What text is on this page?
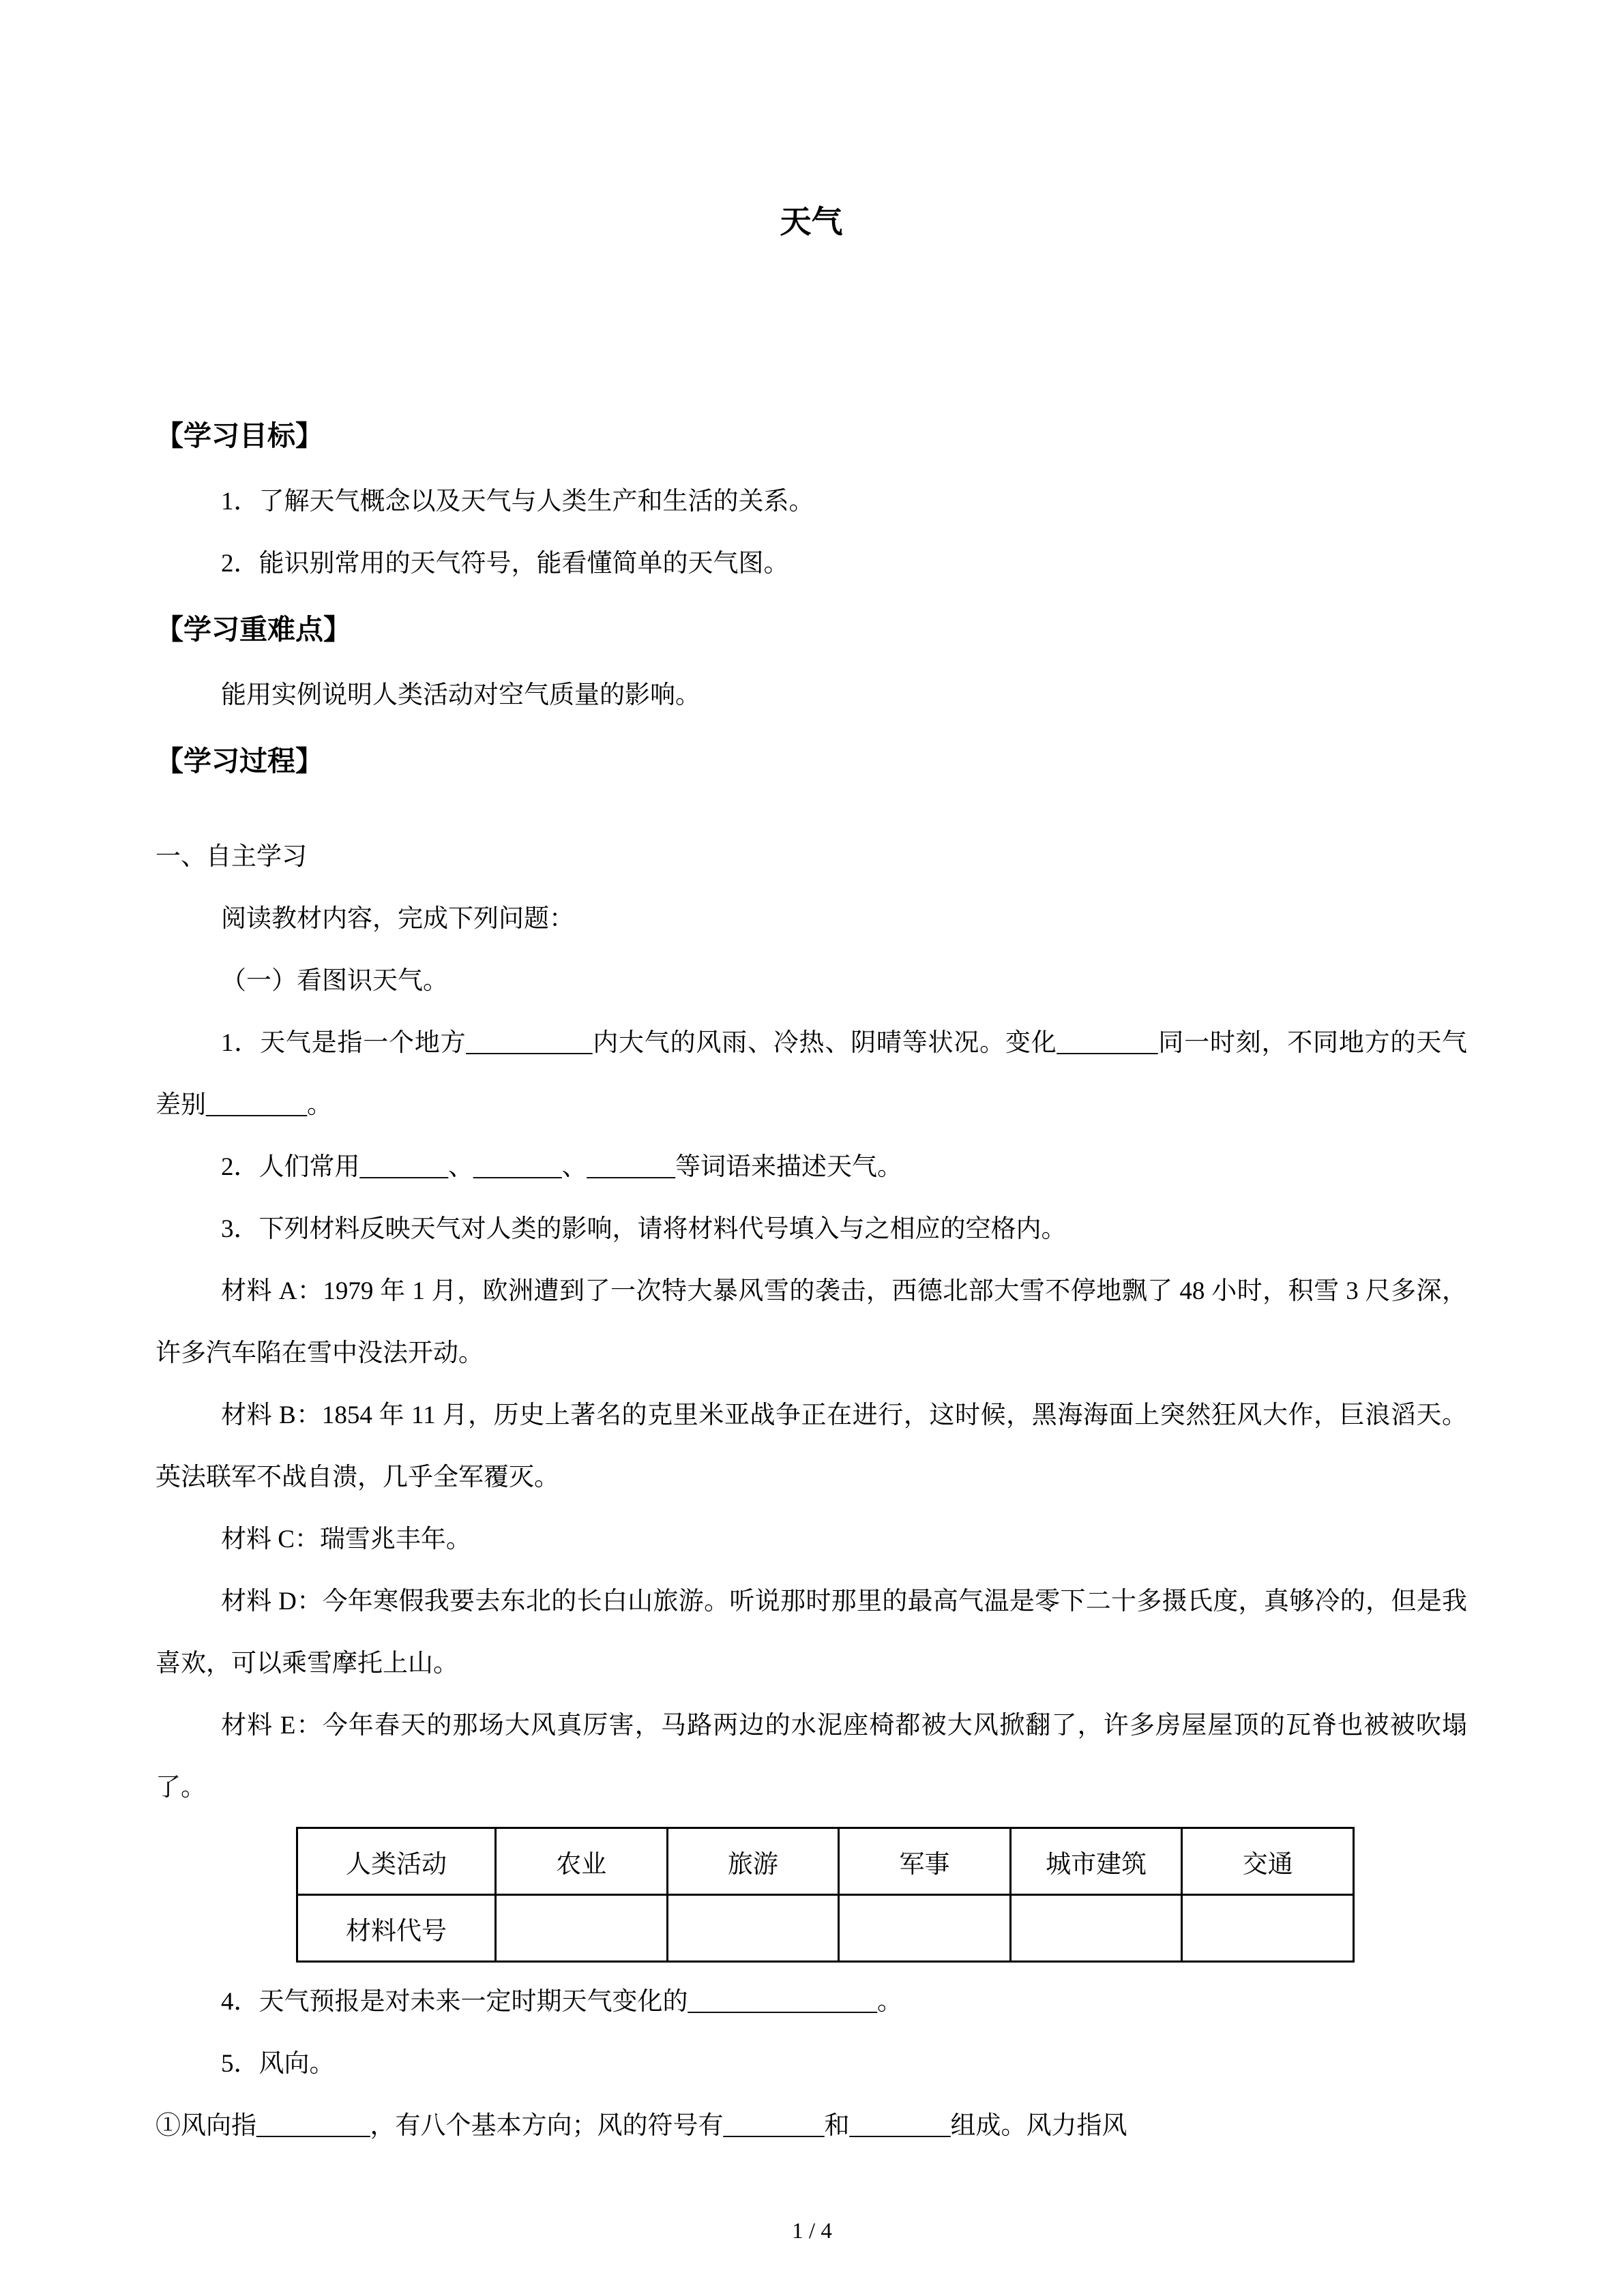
天气
【学习目标】

1．了解天气概念以及天气与人类生产和生活的关系。

2．能识别常用的天气符号，能看懂简单的天气图。

【学习重难点】

能用实例说明人类活动对空气质量的影响。

【学习过程】

一、自主学习

阅读教材内容，完成下列问题：

（一）看图识天气。

1．天气是指一个地方__________内大气的风雨、冷热、阴晴等状况。变化________同一时刻，不同地方的天气差别________。

2．人们常用_______、_______、_______等词语来描述天气。

3．下列材料反映天气对人类的影响，请将材料代号填入与之相应的空格内。

材料 A：1979 年 1 月，欧洲遭到了一次特大暴风雪的袭击，西德北部大雪不停地飘了 48 小时，积雪 3 尺多深，许多汽车陷在雪中没法开动。

材料 B：1854 年 11 月，历史上著名的克里米亚战争正在进行，这时候，黑海海面上突然狂风大作，巨浪滔天。英法联军不战自溃，几乎全军覆灭。

材料 C：瑞雪兆丰年。

材料 D：今年寒假我要去东北的长白山旅游。听说那时那里的最高气温是零下二十多摄氏度，真够冷的，但是我喜欢，可以乘雪摩托上山。

材料 E：今年春天的那场大风真厉害，马路两边的水泥座椅都被大风掀翻了，许多房屋屋顶的瓦脊也被被吹塌了。

人类活动	农业	旅游	军事	城市建筑	交通
材料代号					

4．天气预报是对未来一定时期天气变化的_______________。

5．风向。

①风向指_________，有八个基本方向；风的符号有________和________组成。风力指风

1 / 4
